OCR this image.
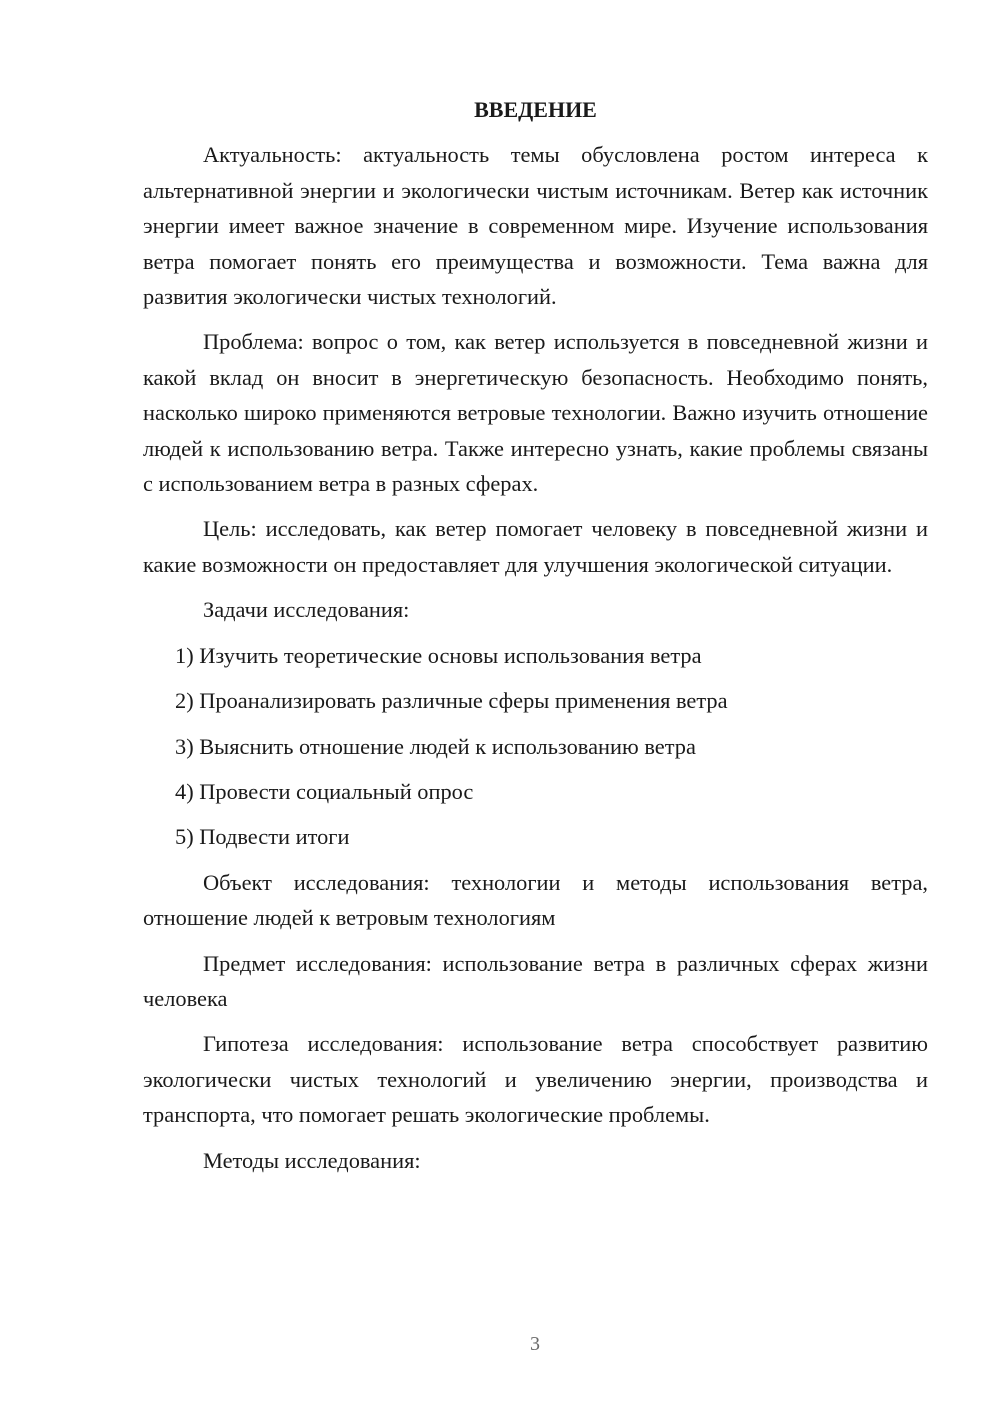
ВВЕДЕНИЕ

Актуальность: актуальность темы обусловлена ростом интереса к альтернативной энергии и экологически чистым источникам. Ветер как источник энергии имеет важное значение в современном мире. Изучение использования ветра помогает понять его преимущества и возможности. Тема важна для развития экологически чистых технологий.

Проблема: вопрос о том, как ветер используется в повседневной жизни и какой вклад он вносит в энергетическую безопасность. Необходимо понять, насколько широко применяются ветровые технологии. Важно изучить отношение людей к использованию ветра. Также интересно узнать, какие проблемы связаны с использованием ветра в разных сферах.

Цель: исследовать, как ветер помогает человеку в повседневной жизни и какие возможности он предоставляет для улучшения экологической ситуации.

Задачи исследования:

1) Изучить теоретические основы использования ветра
2) Проанализировать различные сферы применения ветра
3) Выяснить отношение людей к использованию ветра
4) Провести социальный опрос
5) Подвести итоги

Объект исследования: технологии и методы использования ветра, отношение людей к ветровым технологиям

Предмет исследования: использование ветра в различных сферах жизни человека

Гипотеза исследования: использование ветра способствует развитию экологически чистых технологий и увеличению энергии, производства и транспорта, что помогает решать экологические проблемы.

Методы исследования:

3
